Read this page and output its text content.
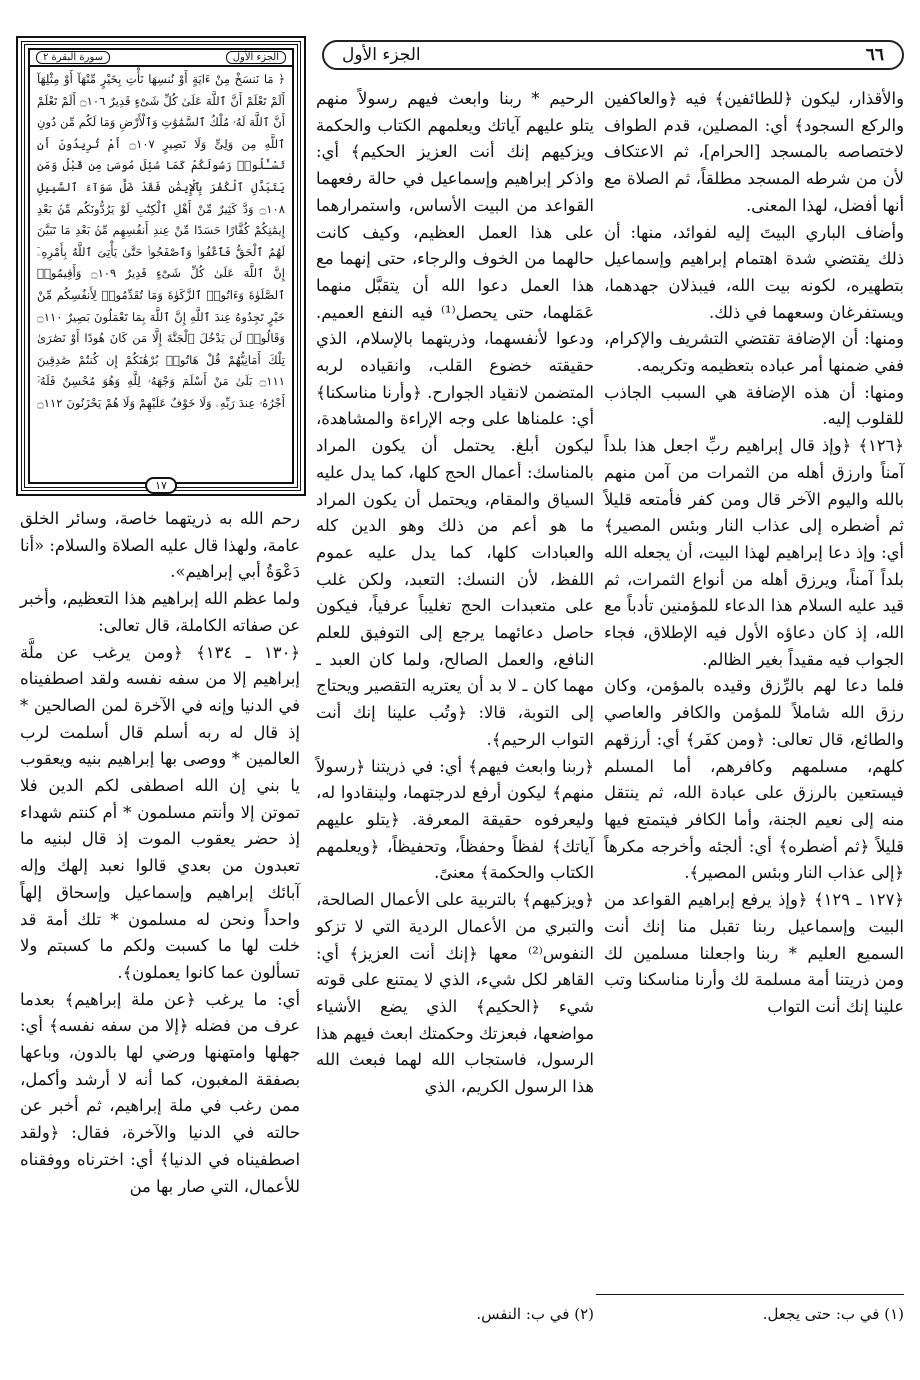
الجزء الأول	٦٦
سورة البقرة ٢	الجزء الأول
﴿ مَا نَنسَخْ مِنْ ءَايَةٍ أَوْ نُنسِهَا نَأْتِ بِخَيْرٍ مِّنْهَآ أَوْ مِثْلِهَآ أَلَمْ تَعْلَمْ أَنَّ ٱللَّهَ عَلَىٰ كُلِّ شَىْءٍ قَدِيرٌ ۝١٠٦ أَلَمْ تَعْلَمْ أَنَّ ٱللَّهَ لَهُۥ مُلْكُ ٱلسَّمَٰوَٰتِ وَٱلْأَرْضِ وَمَا لَكُم مِّن دُونِ ٱللَّهِ مِن وَلِىٍّ وَلَا نَصِيرٍ ۝١٠٧ أَمْ تُرِيدُونَ أَن تَسْـَٔلُوا۟ رَسُولَكُمْ كَمَا سُئِلَ مُوسَىٰ مِن قَبْلُ وَمَن يَتَبَدَّلِ ٱلْكُفْرَ بِٱلْإِيمَٰنِ فَقَدْ ضَلَّ سَوَآءَ ٱلسَّبِيلِ ۝١٠٨ وَدَّ كَثِيرٌ مِّنْ أَهْلِ ٱلْكِتَٰبِ لَوْ يَرُدُّونَكُم مِّنۢ بَعْدِ إِيمَٰنِكُمْ كُفَّارًا حَسَدًا مِّنْ عِندِ أَنفُسِهِم مِّنۢ بَعْدِ مَا تَبَيَّنَ لَهُمُ ٱلْحَقُّ فَٱعْفُوا۟ وَٱصْفَحُوا۟ حَتَّىٰ يَأْتِىَ ٱللَّهُ بِأَمْرِهِۦٓ إِنَّ ٱللَّهَ عَلَىٰ كُلِّ شَىْءٍ قَدِيرٌ ۝١٠٩ وَأَقِيمُوا۟ ٱلصَّلَوٰةَ وَءَاتُوا۟ ٱلزَّكَوٰةَ وَمَا تُقَدِّمُوا۟ لِأَنفُسِكُم مِّنْ خَيْرٍ تَجِدُوهُ عِندَ ٱللَّهِ إِنَّ ٱللَّهَ بِمَا تَعْمَلُونَ بَصِيرٌ ۝١١٠ وَقَالُوا۟ لَن يَدْخُلَ ٱلْجَنَّةَ إِلَّا مَن كَانَ هُودًا أَوْ نَصَٰرَىٰ تِلْكَ أَمَانِيُّهُمْ قُلْ هَاتُوا۟ بُرْهَٰنَكُمْ إِن كُنتُمْ صَٰدِقِينَ ۝١١١ بَلَىٰ مَنْ أَسْلَمَ وَجْهَهُۥ لِلَّهِ وَهُوَ مُحْسِنٌ فَلَهُۥٓ أَجْرُهُۥ عِندَ رَبِّهِۦ وَلَا خَوْفٌ عَلَيْهِمْ وَلَا هُمْ يَحْزَنُونَ ۝١١٢
١٧

والأقذار، ليكون ﴿للطائفين﴾ فيه ﴿والعاكفين والركع السجود﴾ أي: المصلين، قدم الطواف لاختصاصه بالمسجد [الحرام]، ثم الاعتكاف لأن من شرطه المسجد مطلقاً، ثم الصلاة مع أنها أفضل، لهذا المعنى.

وأضاف الباري البيتَ إليه لفوائد، منها: أن ذلك يقتضي شدة اهتمام إبراهيم وإسماعيل بتطهيره، لكونه بيت الله، فيبذلان جهدهما، ويستفرغان وسعهما في ذلك.

ومنها: أن الإضافة تقتضي التشريف والإكرام، ففي ضمنها أمر عباده بتعظيمه وتكريمه.

ومنها: أن هذه الإضافة هي السبب الجاذب للقلوب إليه.

﴿١٢٦﴾ ﴿وإذ قال إبراهيم ربِّ اجعل هذا بلداً آمناً وارزق أهله من الثمرات من آمن منهم بالله واليوم الآخر قال ومن كفر فأمتعه قليلاً ثم أضطره إلى عذاب النار وبئس المصير﴾ أي: وإذ دعا إبراهيم لهذا البيت، أن يجعله الله بلداً آمناً، ويرزق أهله من أنواع الثمرات، ثم قيد عليه السلام هذا الدعاء للمؤمنين تأدباً مع الله، إذ كان دعاؤه الأول فيه الإطلاق، فجاء الجواب فيه مقيداً بغير الظالم.

فلما دعا لهم بالرِّزق وقيده بالمؤمن، وكان رزق الله شاملاً للمؤمن والكافر والعاصي والطائع، قال تعالى: ﴿ومن كفَر﴾ أي: أرزقهم كلهم، مسلمهم وكافرهم، أما المسلم فيستعين بالرزق على عبادة الله، ثم ينتقل منه إلى نعيم الجنة، وأما الكافر فيتمتع فيها قليلاً ﴿ثم أضطره﴾ أي: ألجئه وأخرجه مكرهاً ﴿إلى عذاب النار وبئس المصير﴾.

﴿١٢٧ ـ ١٢٩﴾ ﴿وإذ يرفع إبراهيم القواعد من البيت وإسماعيل ربنا تقبل منا إنك أنت السميع العليم * ربنا واجعلنا مسلمين لك ومن ذريتنا أمة مسلمة لك وأرنا مناسكنا وتب علينا إنك أنت التواب

الرحيم * ربنا وابعث فيهم رسولاً منهم يتلو عليهم آياتك ويعلمهم الكتاب والحكمة ويزكيهم إنك أنت العزيز الحكيم﴾ أي: واذكر إبراهيم وإسماعيل في حالة رفعهما القواعد من البيت الأساس، واستمرارهما على هذا العمل العظيم، وكيف كانت حالهما من الخوف والرجاء، حتى إنهما مع هذا العمل دعوا الله أن يتقبَّل منهما عَمَلهما، حتى يحصل⁽¹⁾ فيه النفع العميم. ودعوا لأنفسهما، وذريتهما بالإسلام، الذي حقيقته خضوع القلب، وانقياده لربه المتضمن لانقياد الجوارح. ﴿وأرنا مناسكنا﴾ أي: علمناها على وجه الإراءة والمشاهدة، ليكون أبلغ. يحتمل أن يكون المراد بالمناسك: أعمال الحج كلها، كما يدل عليه السياق والمقام، ويحتمل أن يكون المراد ما هو أعم من ذلك وهو الدين كله والعبادات كلها، كما يدل عليه عموم اللفظ، لأن النسك: التعبد، ولكن غلب على متعبدات الحج تغليباً عرفياً، فيكون حاصل دعائهما يرجع إلى التوفيق للعلم النافع، والعمل الصالح، ولما كان العبد ـ مهما كان ـ لا بد أن يعتريه التقصير ويحتاج إلى التوبة، قالا: ﴿وتُب علينا إنك أنت التواب الرحيم﴾.

﴿ربنا وابعث فيهم﴾ أي: في ذريتنا ﴿رسولاً منهم﴾ ليكون أرفع لدرجتهما، ولينقادوا له، وليعرفوه حقيقة المعرفة. ﴿يتلو عليهم آياتك﴾ لفظاً وحفظاً، وتحفيظاً، ﴿ويعلمهم الكتاب والحكمة﴾ معنىً.

﴿ويزكيهم﴾ بالتربية على الأعمال الصالحة، والتبري من الأعمال الردية التي لا تزكو النفوس⁽²⁾ معها ﴿إنك أنت العزيز﴾ أي: القاهر لكل شيء، الذي لا يمتنع على قوته شيء ﴿الحكيم﴾ الذي يضع الأشياء مواضعها، فبعزتك وحكمتك ابعث فيهم هذا الرسول، فاستجاب الله لهما فبعث الله هذا الرسول الكريم، الذي

رحم الله به ذريتهما خاصة، وسائر الخلق عامة، ولهذا قال عليه الصلاة والسلام: «أنا دَعْوَةُ أبي إبراهيم».

ولما عظم الله إبراهيم هذا التعظيم، وأخبر عن صفاته الكاملة، قال تعالى:

﴿١٣٠ ـ ١٣٤﴾ ﴿ومن يرغب عن ملَّة إبراهيم إلا من سفه نفسه ولقد اصطفيناه في الدنيا وإنه في الآخرة لمن الصالحين * إذ قال له ربه أسلم قال أسلمت لرب العالمين * ووصى بها إبراهيم بنيه ويعقوب يا بني إن الله اصطفى لكم الدين فلا تموتن إلا وأنتم مسلمون * أم كنتم شهداء إذ حضر يعقوب الموت إذ قال لبنيه ما تعبدون من بعدي قالوا نعبد إلهك وإله آبائك إبراهيم وإسماعيل وإسحاق إلهاً واحداً ونحن له مسلمون * تلك أمة قد خلت لها ما كسبت ولكم ما كسبتم ولا تسألون عما كانوا يعملون﴾.

أي: ما يرغب ﴿عن ملة إبراهيم﴾ بعدما عرف من فضله ﴿إلا من سفه نفسه﴾ أي: جهلها وامتهنها ورضي لها بالدون، وباعها بصفقة المغبون، كما أنه لا أرشد وأكمل، ممن رغب في ملة إبراهيم، ثم أخبر عن حالته في الدنيا والآخرة، فقال: ﴿ولقد اصطفيناه في الدنيا﴾ أي: اخترناه ووفقناه للأعمال، التي صار بها من

(١) في ب: حتى يجعل.
(٢) في ب: النفس.
